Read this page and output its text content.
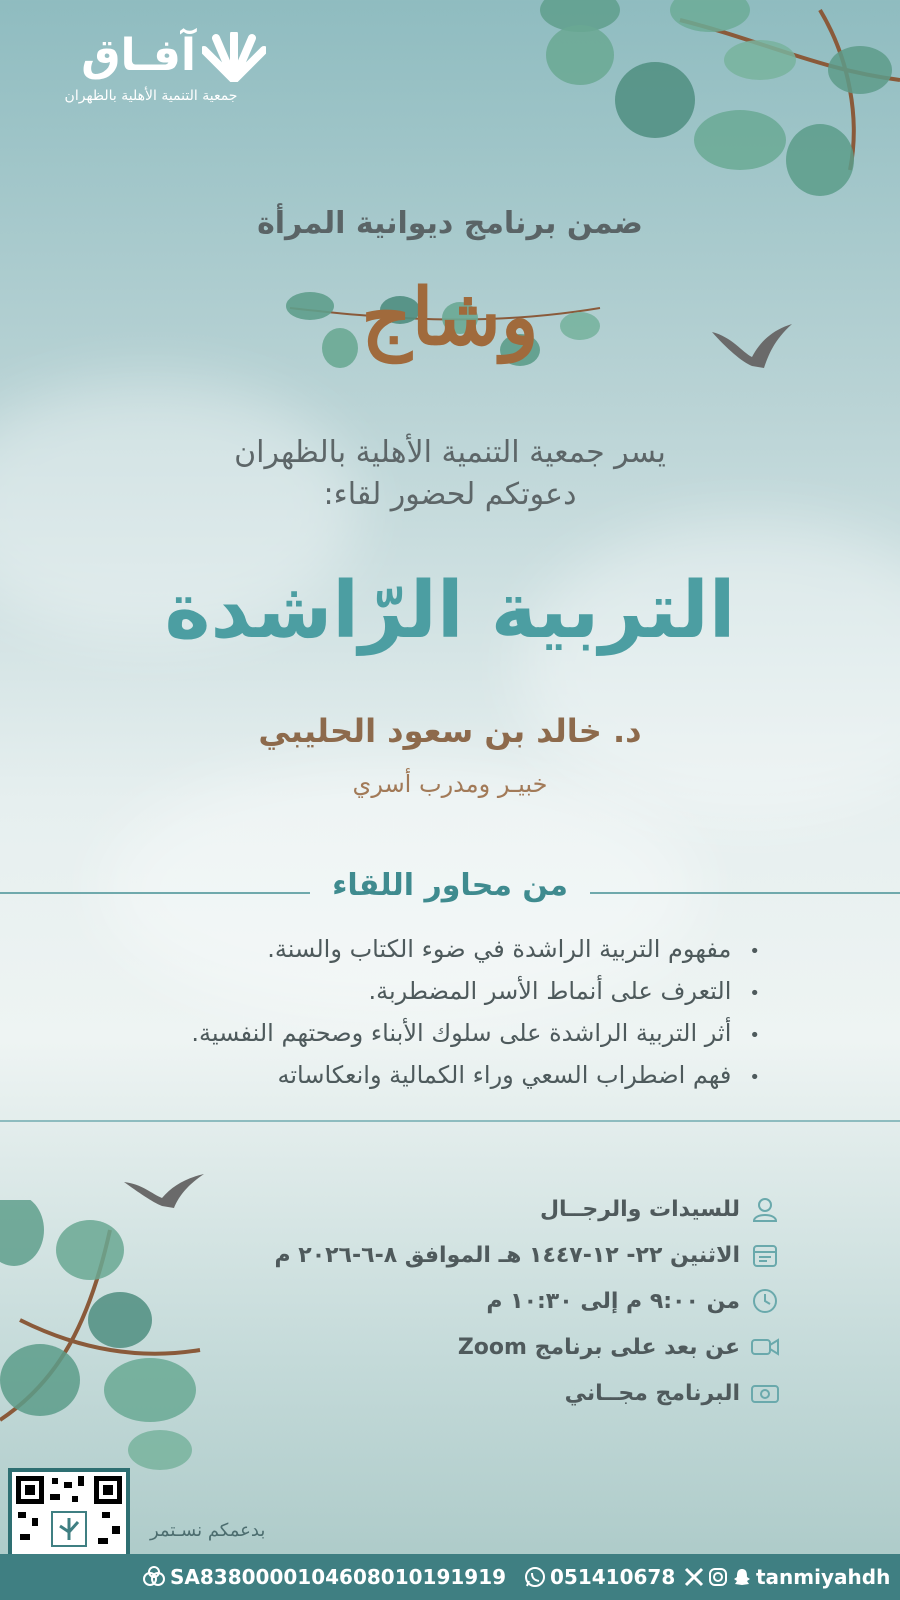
آفـاق
جمعية التنمية الأهلية بالظهران
ضمن برنامج ديوانية المرأة
وشاج
يسر جمعية التنمية الأهلية بالظهران
دعوتكم لحضور لقاء:
التربية الرّاشدة
د. خالد بن سعود الحليبي
خبيـر ومدرب أسري
من محاور اللقاء
• مفهوم التربية الراشدة في ضوء الكتاب والسنة.
• التعرف على أنماط الأسر المضطربة.
• أثر التربية الراشدة على سلوك الأبناء وصحتهم النفسية.
• فهم اضطراب السعي وراء الكمالية وانعكاساته
للسيدات والرجــال
الاثنين ٢٢- ١٢-١٤٤٧ هـ الموافق ٨-٦-٢٠٢٦ م
من ٩:٠٠ م إلى ١٠:٣٠ م
عن بعد على برنامج Zoom
البرنامج مجــاني
بدعمكم نسـتمر
SA8380000104608010191919 051410678	tanmiyahdh
